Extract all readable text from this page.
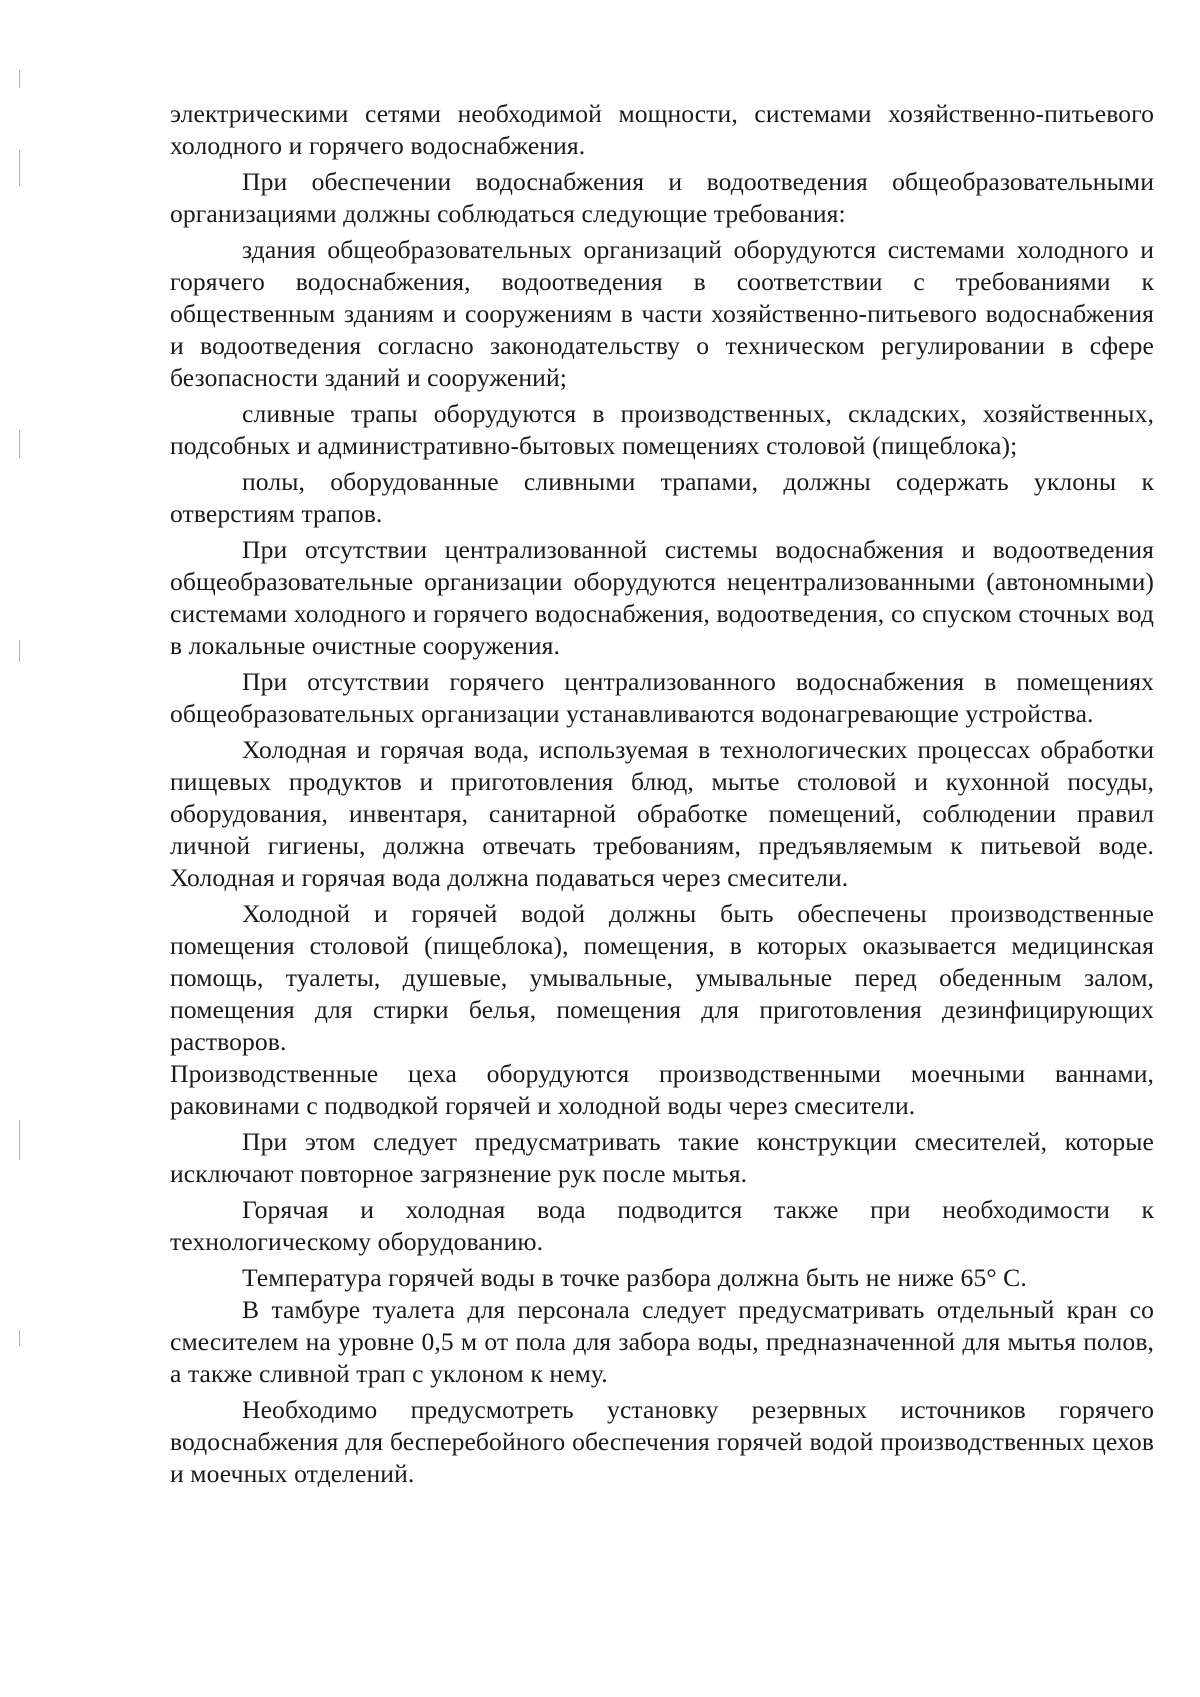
электрическими сетями необходимой мощности, системами хозяйственно-питьевого холодного и горячего водоснабжения.

При обеспечении водоснабжения и водоотведения общеобразовательными организациями должны соблюдаться следующие требования:

здания общеобразовательных организаций оборудуются системами холодного и горячего водоснабжения, водоотведения в соответствии с требованиями к общественным зданиям и сооружениям в части хозяйственно-питьевого водоснабжения и водоотведения согласно законодательству о техническом регулировании в сфере безопасности зданий и сооружений;

сливные трапы оборудуются в производственных, складских, хозяйственных, подсобных и административно-бытовых помещениях столовой (пищеблока);

полы, оборудованные сливными трапами, должны содержать уклоны к отверстиям трапов.

При отсутствии централизованной системы водоснабжения и водоотведения общеобразовательные организации оборудуются нецентрализованными (автономными) системами холодного и горячего водоснабжения, водоотведения, со спуском сточных вод в локальные очистные сооружения.

При отсутствии горячего централизованного водоснабжения в помещениях общеобразовательных организации устанавливаются водонагревающие устройства.

Холодная и горячая вода, используемая в технологических процессах обработки пищевых продуктов и приготовления блюд, мытье столовой и кухонной посуды, оборудования, инвентаря, санитарной обработке помещений, соблюдении правил личной гигиены, должна отвечать требованиям, предъявляемым к питьевой воде. Холодная и горячая вода должна подаваться через смесители.

Холодной и горячей водой должны быть обеспечены производственные помещения столовой (пищеблока), помещения, в которых оказывается медицинская помощь, туалеты, душевые, умывальные, умывальные перед обеденным залом, помещения для стирки белья, помещения для приготовления дезинфицирующих растворов.

Производственные цеха оборудуются производственными моечными ваннами, раковинами с подводкой горячей и холодной воды через смесители.

При этом следует предусматривать такие конструкции смесителей, которые исключают повторное загрязнение рук после мытья.

Горячая и холодная вода подводится также при необходимости к технологическому оборудованию.

Температура горячей воды в точке разбора должна быть не ниже 65° С.

В тамбуре туалета для персонала следует предусматривать отдельный кран со смесителем на уровне 0,5 м от пола для забора воды, предназначенной для мытья полов, а также сливной трап с уклоном к нему.

Необходимо предусмотреть установку резервных источников горячего водоснабжения для бесперебойного обеспечения горячей водой производственных цехов и моечных отделений.
